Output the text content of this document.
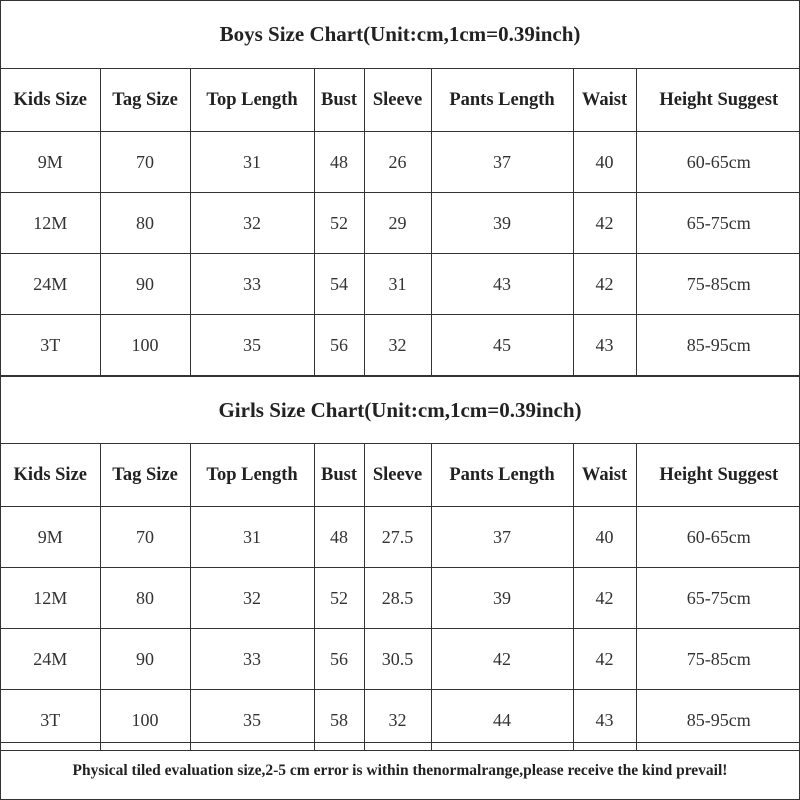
Boys Size Chart(Unit:cm,1cm=0.39inch)
Kids Size	Tag Size	Top Length	Bust	Sleeve	Pants Length	Waist	Height Suggest
9M	70	31	48	26	37	40	60-65cm
12M	80	32	52	29	39	42	65-75cm
24M	90	33	54	31	43	42	75-85cm
3T	100	35	56	32	45	43	85-95cm
Girls Size Chart(Unit:cm,1cm=0.39inch)
Kids Size	Tag Size	Top Length	Bust	Sleeve	Pants Length	Waist	Height Suggest
9M	70	31	48	27.5	37	40	60-65cm
12M	80	32	52	28.5	39	42	65-75cm
24M	90	33	56	30.5	42	42	75-85cm
3T	100	35	58	32	44	43	85-95cm
Physical tiled evaluation size,2-5 cm error is within thenormalrange,please receive the kind prevail!
